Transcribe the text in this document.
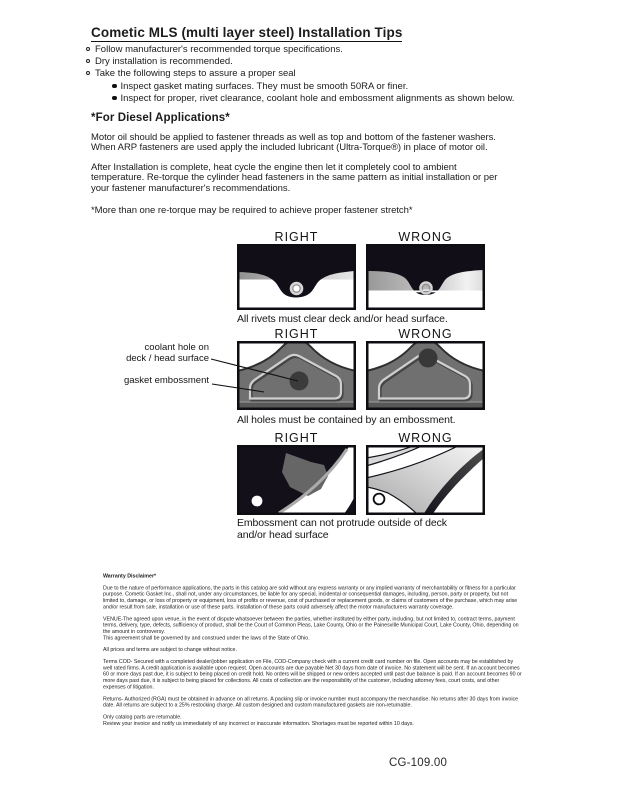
Cometic MLS (multi layer steel) Installation Tips
Follow manufacturer's recommended torque specifications.
Dry installation is recommended.
Take the following steps to assure a proper seal
Inspect gasket mating surfaces. They must be smooth 50RA or finer.
Inspect for proper, rivet clearance, coolant hole and embossment alignments as shown below.
*For Diesel Applications*
Motor oil should be applied to fastener threads as well as top and bottom of the fastener washers. When ARP fasteners are used apply the included lubricant (Ultra-Torque®) in place of motor oil.
After Installation is complete, heat cycle the engine then let it completely cool to ambient temperature. Re-torque the cylinder head fasteners in the same pattern as initial installation or per your fastener manufacturer's recommendations.
*More than one re-torque may be required to achieve proper fastener stretch*
RIGHT	WRONG
All rivets must clear deck and/or head surface.
RIGHT	WRONG
coolant hole on
deck / head surface
gasket embossment
All holes must be contained by an embossment.
RIGHT	WRONG
Embossment can not protrude outside of deck
and/or head surface
Warranty Disclaimer*
Due to the nature of performance applications, the parts in this catalog are sold without any express warranty or any implied warranty of merchantability or fitness for a particular purpose. Cometic Gasket Inc., shall not, under any circumstances, be liable for any special, incidental or consequential damages, including, person, party or property, but not limited to, damage, or loss of property or equipment, loss of profits or revenue, cost of purchased or replacement goods, or claims of customers of the purchase, which may arise and/or result from sale, installation or use of these parts. Installation of these parts could adversely affect the motor manufacturers warranty coverage.
VENUE-The agreed upon venue, in the event of dispute whatsoever between the parties, whether instituted by either party, including, but not limited to, contract terms, payment terms, delivery, type, defects, sufficiency of product, shall be the Court of Common Pleas, Lake County, Ohio or the Painesville Municipal Court, Lake County, Ohio, depending on the amount in controversy.
This agreement shall be governed by and construed under the laws of the State of Ohio.
All prices and terms are subject to change without notice.
Terms COD- Secured with a completed dealer/jobber application on File, COD-Company check with a current credit card number on file. Open accounts may be established by well rated firms. A credit application is available upon request. Open accounts are due payable Net 30 days from date of invoice. No statement will be sent. If an account becomes 60 or more days past due, it is subject to being placed on credit hold. No orders will be shipped or new orders accepted until past due balance is paid. If an account becomes 90 or more days past due, it is subject to being placed for collections. All costs of collection are the responsibility of the customer, including attorney fees, court costs, and other expenses of litigation.
Returns- Authorized (RGA) must be obtained in advance on all returns. A packing slip or invoice number must accompany the merchandise. No returns after 30 days from invoice date. All returns are subject to a 25% restocking charge. All custom designed and custom manufactured gaskets are non-returnable.
Only catalog parts are returnable.
Review your invoice and notify us immediately of any incorrect or inaccurate information. Shortages must be reported within 10 days.
CG-109.00
